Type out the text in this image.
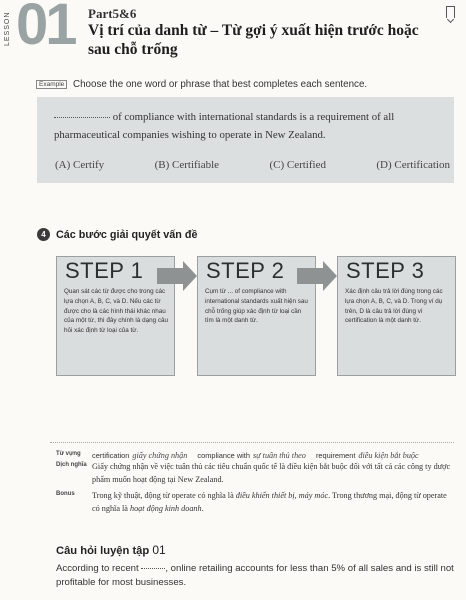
LESSON 01 Part5&6
Vị trí của danh từ – Từ gợi ý xuất hiện trước hoặc sau chỗ trống
Example Choose the one word or phrase that best completes each sentence.
of compliance with international standards is a requirement of all pharmaceutical companies wishing to operate in New Zealand.
(A) Certify	(B) Certifiable	(C) Certified	(D) Certification
4 Các bước giải quyết vấn đề
STEP 1
Quan sát các từ được cho trong các lựa chọn A, B, C, và D. Nếu các từ được cho là các hình thái khác nhau của một từ, thì đây chính là dạng câu hỏi xác định từ loại của từ.
STEP 2
Cụm từ ... of compliance with international standards xuất hiện sau chỗ trống giúp xác định từ loại cần tìm là một danh từ.
STEP 3
Xác định câu trả lời đúng trong các lựa chọn A, B, C, và D. Trong ví dụ trên, D là câu trả lời đúng vì certification là một danh từ.
Từ vựng	certification giấy chứng nhận compliance with sự tuân thủ theo requirement điều kiện bắt buộc
Dịch nghĩa Giấy chứng nhận về việc tuân thủ các tiêu chuẩn quốc tế là điều kiện bắt buộc đối với tất cả các công ty dược phẩm muốn hoạt động tại New Zealand.
Bonus	Trong kỹ thuật, động từ operate có nghĩa là điều khiển thiết bị, máy móc. Trong thương mại, động từ operate có nghĩa là hoạt động kinh doanh.
Câu hỏi luyện tập 01
According to recent	, online retailing accounts for less than 5% of all sales and is still not profitable for most businesses.
